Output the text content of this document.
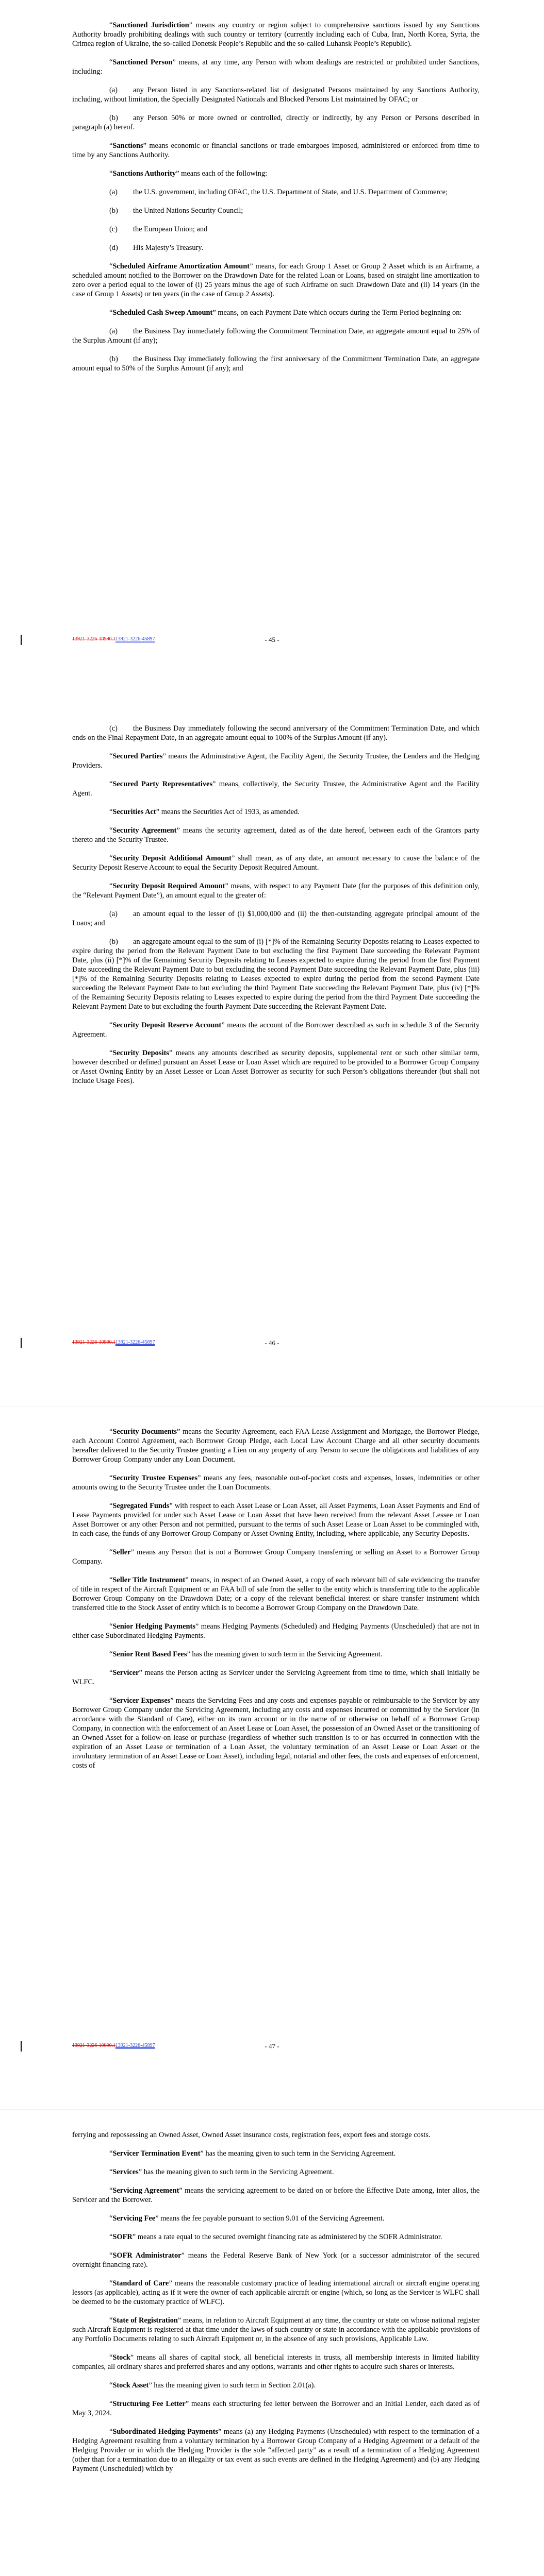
“Sanctioned Jurisdiction” means any country or region subject to comprehensive sanctions issued by any Sanctions Authority broadly prohibiting dealings with such country or territory (currently including each of Cuba, Iran, North Korea, Syria, the Crimea region of Ukraine, the so-called Donetsk People’s Republic and the so-called Luhansk People’s Republic).

“Sanctioned Person” means, at any time, any Person with whom dealings are restricted or prohibited under Sanctions, including:

(a) any Person listed in any Sanctions-related list of designated Persons maintained by any Sanctions Authority, including, without limitation, the Specially Designated Nationals and Blocked Persons List maintained by OFAC; or

(b) any Person 50% or more owned or controlled, directly or indirectly, by any Person or Persons described in paragraph (a) hereof.

“Sanctions” means economic or financial sanctions or trade embargoes imposed, administered or enforced from time to time by any Sanctions Authority.

“Sanctions Authority” means each of the following:

(a) the U.S. government, including OFAC, the U.S. Department of State, and U.S. Department of Commerce;

(b) the United Nations Security Council;

(c) the European Union; and

(d) His Majesty’s Treasury.

“Scheduled Airframe Amortization Amount” means, for each Group 1 Asset or Group 2 Asset which is an Airframe, a scheduled amount notified to the Borrower on the Drawdown Date for the related Loan or Loans, based on straight line amortization to zero over a period equal to the lower of (i) 25 years minus the age of such Airframe on such Drawdown Date and (ii) 14 years (in the case of Group 1 Assets) or ten years (in the case of Group 2 Assets).

“Scheduled Cash Sweep Amount” means, on each Payment Date which occurs during the Term Period beginning on:

(a) the Business Day immediately following the Commitment Termination Date, an aggregate amount equal to 25% of the Surplus Amount (if any);

(b) the Business Day immediately following the first anniversary of the Commitment Termination Date, an aggregate amount equal to 50% of the Surplus Amount (if any); and

13921-3226-10990.113921-3226-45897	- 45 -

(c) the Business Day immediately following the second anniversary of the Commitment Termination Date, and which ends on the Final Repayment Date, in an aggregate amount equal to 100% of the Surplus Amount (if any).

“Secured Parties” means the Administrative Agent, the Facility Agent, the Security Trustee, the Lenders and the Hedging Providers.

“Secured Party Representatives” means, collectively, the Security Trustee, the Administrative Agent and the Facility Agent.

“Securities Act” means the Securities Act of 1933, as amended.

“Security Agreement” means the security agreement, dated as of the date hereof, between each of the Grantors party thereto and the Security Trustee.

“Security Deposit Additional Amount” shall mean, as of any date, an amount necessary to cause the balance of the Security Deposit Reserve Account to equal the Security Deposit Required Amount.

“Security Deposit Required Amount” means, with respect to any Payment Date (for the purposes of this definition only, the “Relevant Payment Date”), an amount equal to the greater of:

(a) an amount equal to the lesser of (i) $1,000,000 and (ii) the then-outstanding aggregate principal amount of the Loans; and

(b) an aggregate amount equal to the sum of (i) [*]% of the Remaining Security Deposits relating to Leases expected to expire during the period from the Relevant Payment Date to but excluding the first Payment Date succeeding the Relevant Payment Date, plus (ii) [*]% of the Remaining Security Deposits relating to Leases expected to expire during the period from the first Payment Date succeeding the Relevant Payment Date to but excluding the second Payment Date succeeding the Relevant Payment Date, plus (iii) [*]% of the Remaining Security Deposits relating to Leases expected to expire during the period from the second Payment Date succeeding the Relevant Payment Date to but excluding the third Payment Date succeeding the Relevant Payment Date, plus (iv) [*]% of the Remaining Security Deposits relating to Leases expected to expire during the period from the third Payment Date succeeding the Relevant Payment Date to but excluding the fourth Payment Date succeeding the Relevant Payment Date.

“Security Deposit Reserve Account” means the account of the Borrower described as such in schedule 3 of the Security Agreement.

“Security Deposits” means any amounts described as security deposits, supplemental rent or such other similar term, however described or defined pursuant an Asset Lease or Loan Asset which are required to be provided to a Borrower Group Company or Asset Owning Entity by an Asset Lessee or Loan Asset Borrower as security for such Person’s obligations thereunder (but shall not include Usage Fees).

13921-3226-10990.113921-3226-45897	- 46 -

“Security Documents” means the Security Agreement, each FAA Lease Assignment and Mortgage, the Borrower Pledge, each Account Control Agreement, each Borrower Group Pledge, each Local Law Account Charge and all other security documents hereafter delivered to the Security Trustee granting a Lien on any property of any Person to secure the obligations and liabilities of any Borrower Group Company under any Loan Document.

“Security Trustee Expenses” means any fees, reasonable out-of-pocket costs and expenses, losses, indemnities or other amounts owing to the Security Trustee under the Loan Documents.

“Segregated Funds” with respect to each Asset Lease or Loan Asset, all Asset Payments, Loan Asset Payments and End of Lease Payments provided for under such Asset Lease or Loan Asset that have been received from the relevant Asset Lessee or Loan Asset Borrower or any other Person and not permitted, pursuant to the terms of such Asset Lease or Loan Asset to be commingled with, in each case, the funds of any Borrower Group Company or Asset Owning Entity, including, where applicable, any Security Deposits.

“Seller” means any Person that is not a Borrower Group Company transferring or selling an Asset to a Borrower Group Company.

“Seller Title Instrument” means, in respect of an Owned Asset, a copy of each relevant bill of sale evidencing the transfer of title in respect of the Aircraft Equipment or an FAA bill of sale from the seller to the entity which is transferring title to the applicable Borrower Group Company on the Drawdown Date; or a copy of the relevant beneficial interest or share transfer instrument which transferred title to the Stock Asset of entity which is to become a Borrower Group Company on the Drawdown Date.

“Senior Hedging Payments” means Hedging Payments (Scheduled) and Hedging Payments (Unscheduled) that are not in either case Subordinated Hedging Payments.

“Senior Rent Based Fees” has the meaning given to such term in the Servicing Agreement.

“Servicer” means the Person acting as Servicer under the Servicing Agreement from time to time, which shall initially be WLFC.

“Servicer Expenses” means the Servicing Fees and any costs and expenses payable or reimbursable to the Servicer by any Borrower Group Company under the Servicing Agreement, including any costs and expenses incurred or committed by the Servicer (in accordance with the Standard of Care), either on its own account or in the name of or otherwise on behalf of a Borrower Group Company, in connection with the enforcement of an Asset Lease or Loan Asset, the possession of an Owned Asset or the transitioning of an Owned Asset for a follow-on lease or purchase (regardless of whether such transition is to or has occurred in connection with the expiration of an Asset Lease or termination of a Loan Asset, the voluntary termination of an Asset Lease or Loan Asset or the involuntary termination of an Asset Lease or Loan Asset), including legal, notarial and other fees, the costs and expenses of enforcement, costs of

13921-3226-10990.113921-3226-45897	- 47 -

ferrying and repossessing an Owned Asset, Owned Asset insurance costs, registration fees, export fees and storage costs.

“Servicer Termination Event” has the meaning given to such term in the Servicing Agreement.

“Services” has the meaning given to such term in the Servicing Agreement.

“Servicing Agreement” means the servicing agreement to be dated on or before the Effective Date among, inter alios, the Servicer and the Borrower.

“Servicing Fee” means the fee payable pursuant to section 9.01 of the Servicing Agreement.

“SOFR” means a rate equal to the secured overnight financing rate as administered by the SOFR Administrator.

“SOFR Administrator” means the Federal Reserve Bank of New York (or a successor administrator of the secured overnight financing rate).

“Standard of Care” means the reasonable customary practice of leading international aircraft or aircraft engine operating lessors (as applicable), acting as if it were the owner of each applicable aircraft or engine (which, so long as the Servicer is WLFC shall be deemed to be the customary practice of WLFC).

“State of Registration” means, in relation to Aircraft Equipment at any time, the country or state on whose national register such Aircraft Equipment is registered at that time under the laws of such country or state in accordance with the applicable provisions of any Portfolio Documents relating to such Aircraft Equipment or, in the absence of any such provisions, Applicable Law.

“Stock” means all shares of capital stock, all beneficial interests in trusts, all membership interests in limited liability companies, all ordinary shares and preferred shares and any options, warrants and other rights to acquire such shares or interests.

“Stock Asset” has the meaning given to such term in Section 2.01(a).

“Structuring Fee Letter” means each structuring fee letter between the Borrower and an Initial Lender, each dated as of May 3, 2024.

“Subordinated Hedging Payments” means (a) any Hedging Payments (Unscheduled) with respect to the termination of a Hedging Agreement resulting from a voluntary termination by a Borrower Group Company of a Hedging Agreement or a default of the Hedging Provider or in which the Hedging Provider is the sole “affected party” as a result of a termination of a Hedging Agreement (other than for a termination due to an illegality or tax event as such events are defined in the Hedging Agreement) and (b) any Hedging Payment (Unscheduled) which by
